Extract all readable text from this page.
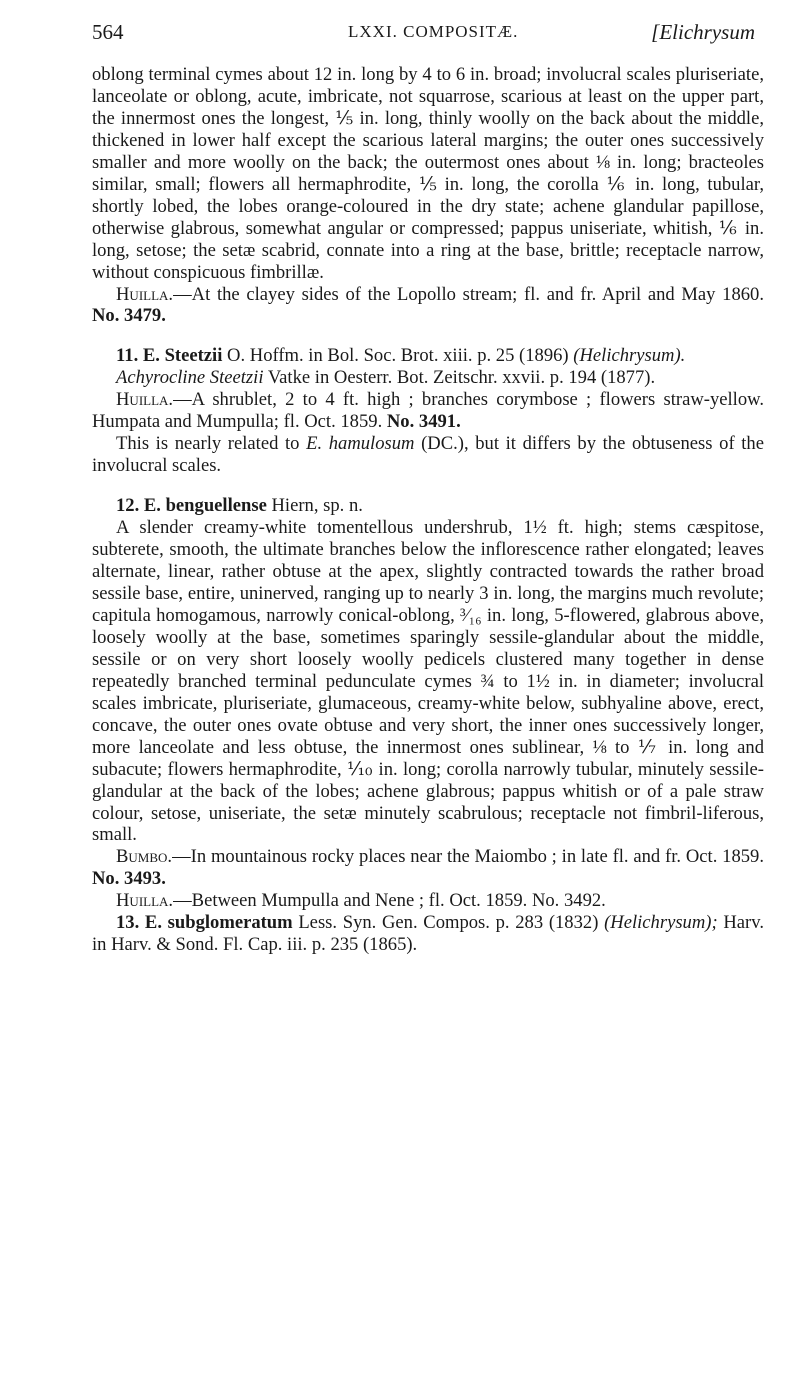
564	LXXI. COMPOSITÆ.	[Elichrysum

oblong terminal cymes about 12 in. long by 4 to 6 in. broad; involucral scales pluriseriate, lanceolate or oblong, acute, imbricate, not squarrose, scarious at least on the upper part, the innermost ones the longest, ⅕ in. long, thinly woolly on the back about the middle, thickened in lower half except the scarious lateral margins; the outer ones successively smaller and more woolly on the back; the outermost ones about ⅛ in. long; bracteoles similar, small; flowers all hermaphrodite, ⅕ in. long, the corolla ⅙ in. long, tubular, shortly lobed, the lobes orange-coloured in the dry state; achene glandular papillose, otherwise glabrous, somewhat angular or compressed; pappus uniseriate, whitish, ⅙ in. long, setose; the setæ scabrid, connate into a ring at the base, brittle; receptacle narrow, without conspicuous fimbrillæ.

Huilla.—At the clayey sides of the Lopollo stream; fl. and fr. April and May 1860. No. 3479.

11. E. Steetzii O. Hoffm. in Bol. Soc. Brot. xiii. p. 25 (1896) (Helichrysum).

Achyrocline Steetzii Vatke in Oesterr. Bot. Zeitschr. xxvii. p. 194 (1877).

Huilla.—A shrublet, 2 to 4 ft. high ; branches corymbose ; flowers straw-yellow. Humpata and Mumpulla; fl. Oct. 1859. No. 3491.

This is nearly related to E. hamulosum (DC.), but it differs by the obtuseness of the involucral scales.

12. E. benguellense Hiern, sp. n.

A slender creamy-white tomentellous undershrub, 1½ ft. high; stems cæspitose, subterete, smooth, the ultimate branches below the inflorescence rather elongated; leaves alternate, linear, rather obtuse at the apex, slightly contracted towards the rather broad sessile base, entire, uninerved, ranging up to nearly 3 in. long, the margins much revolute; capitula homogamous, narrowly conical-oblong, ³⁄₁₆ in. long, 5-flowered, glabrous above, loosely woolly at the base, sometimes sparingly sessile-glandular about the middle, sessile or on very short loosely woolly pedicels clustered many together in dense repeatedly branched terminal pedunculate cymes ¾ to 1½ in. in diameter; involucral scales imbricate, pluriseriate, glumaceous, creamy-white below, subhyaline above, erect, concave, the outer ones ovate obtuse and very short, the inner ones successively longer, more lanceolate and less obtuse, the innermost ones sublinear, ⅛ to ⅐ in. long and subacute; flowers hermaphrodite, ⅒ in. long; corolla narrowly tubular, minutely sessile-glandular at the back of the lobes; achene glabrous; pappus whitish or of a pale straw colour, setose, uniseriate, the setæ minutely scabrulous; receptacle not fimbril-liferous, small.

Bumbo.—In mountainous rocky places near the Maiombo ; in late fl. and fr. Oct. 1859. No. 3493.

Huilla.—Between Mumpulla and Nene ; fl. Oct. 1859. No. 3492.

13. E. subglomeratum Less. Syn. Gen. Compos. p. 283 (1832) (Helichrysum); Harv. in Harv. & Sond. Fl. Cap. iii. p. 235 (1865).
